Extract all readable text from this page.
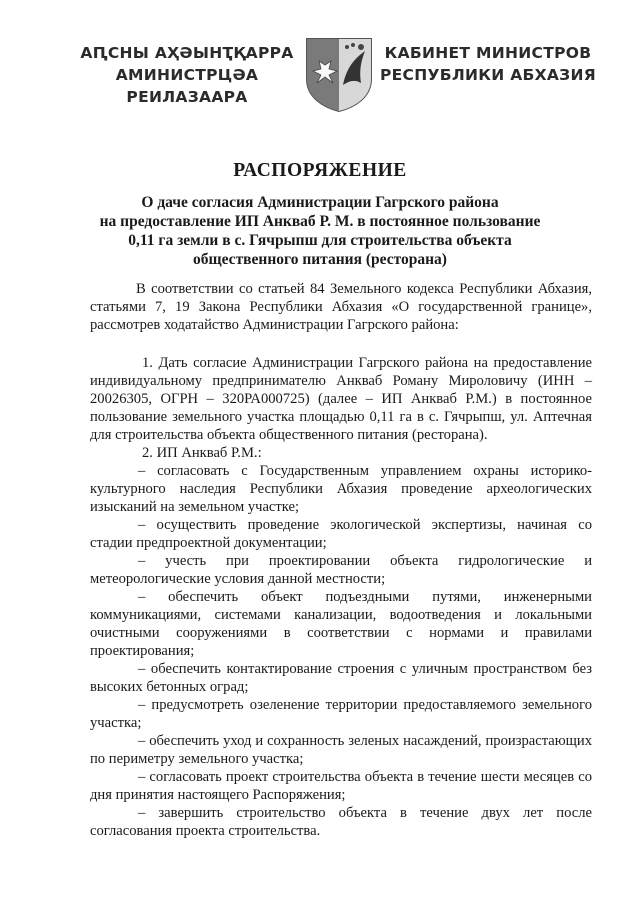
АԤСНЫ АҲӘЫНҬҚАРРА
АМИНИСТРЦӘА РЕИЛАЗААРА
КАБИНЕТ МИНИСТРОВ
РЕСПУБЛИКИ АБХАЗИЯ
РАСПОРЯЖЕНИЕ
О даче согласия Администрации Гагрского района
на предоставление ИП Анкваб Р. М. в постоянное пользование
0,11 га земли в с. Гячрыпш для строительства объекта
общественного питания (ресторана)

В соответствии со статьей 84 Земельного кодекса Республики Абхазия, статьями 7, 19 Закона Республики Абхазия «О государственной границе», рассмотрев ходатайство Администрации Гагрского района:

1. Дать согласие Администрации Гагрского района на предоставление индивидуальному предпринимателю Анкваб Роману Мироловичу (ИНН – 20026305, ОГРН – 320РА000725) (далее – ИП Анкваб Р.М.) в постоянное пользование земельного участка площадью 0,11 га в с. Гячрыпш, ул. Аптечная для строительства объекта общественного питания (ресторана).

2. ИП Анкваб Р.М.:

– согласовать с Государственным управлением охраны историко-культурного наследия Республики Абхазия проведение археологических изысканий на земельном участке;

– осуществить проведение экологической экспертизы, начиная со стадии предпроектной документации;

– учесть при проектировании объекта гидрологические и метеорологические условия данной местности;

– обеспечить объект подъездными путями, инженерными коммуникациями, системами канализации, водоотведения и локальными очистными сооружениями в соответствии с нормами и правилами проектирования;

– обеспечить контактирование строения с уличным пространством без высоких бетонных оград;

– предусмотреть озеленение территории предоставляемого земельного участка;

– обеспечить уход и сохранность зеленых насаждений, произрастающих по периметру земельного участка;

– согласовать проект строительства объекта в течение шести месяцев со дня принятия настоящего Распоряжения;

– завершить строительство объекта в течение двух лет после согласования проекта строительства.
